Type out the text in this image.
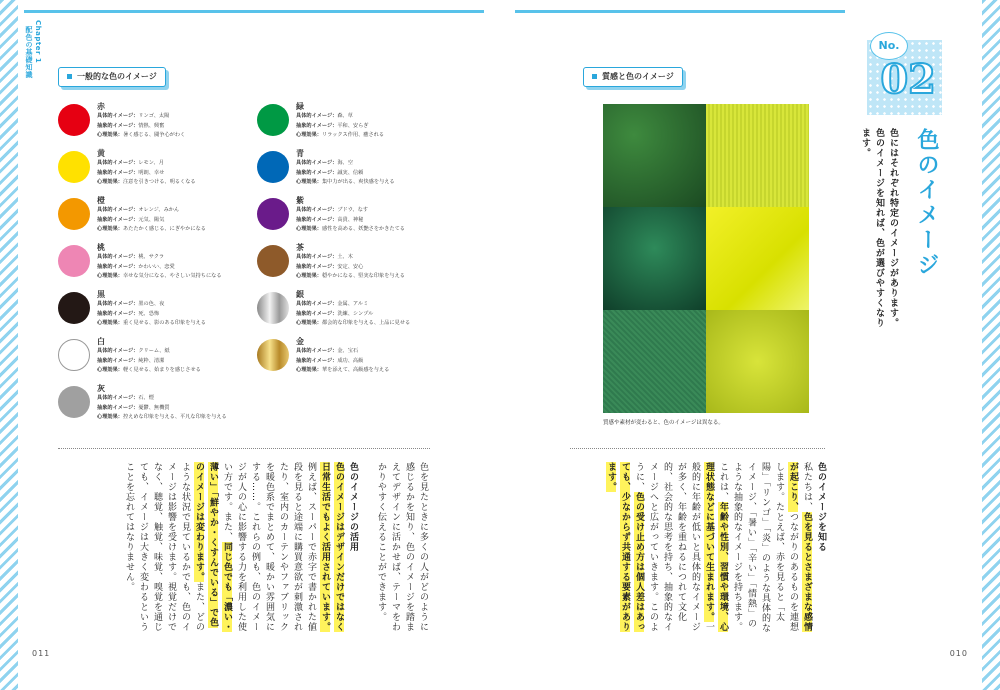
Chapter 1
配色の基礎知識	一般的な色のイメージ
赤
具体的イメージ：リンゴ、太陽
抽象的イメージ：情熱、興奮
心理効果：暑く感じる、闘争心がわく
黄
具体的イメージ：レモン、月
抽象的イメージ：明朗、幸せ
心理効果：注意を引きつける、明るくなる
橙
具体的イメージ：オレンジ、みかん
抽象的イメージ：元気、陽気
心理効果：あたたかく感じる、にぎやかになる
桃
具体的イメージ：桃、サクラ
抽象的イメージ：かわいい、恋愛
心理効果：幸せな気分になる、やさしい気持ちになる
黒
具体的イメージ：墨の色、夜
抽象的イメージ：死、恐怖
心理効果：重く見せる、影のある印象を与える
白
具体的イメージ：クリーム、紙
抽象的イメージ：純粋、清潔
心理効果：軽く見せる、始まりを感じさせる
灰
具体的イメージ：石、煙
抽象的イメージ：憂鬱、無機質
心理効果：控えめな印象を与える、平凡な印象を与える
緑
具体的イメージ：森、草
抽象的イメージ：平和、安らぎ
心理効果：リラックス作用、癒される
青
具体的イメージ：海、空
抽象的イメージ：誠実、信頼
心理効果：集中力が出る、爽快感を与える
紫
具体的イメージ：ブドウ、なす
抽象的イメージ：高貴、神秘
心理効果：感性を高める、妖艶さをかきたてる
茶
具体的イメージ：土、木
抽象的イメージ：安定、安心
心理効果：穏やかになる、堅実な印象を与える
銀
具体的イメージ：金属、アルミ
抽象的イメージ：洗練、シンプル
心理効果：都会的な印象を与える、上品に見せる
金
具体的イメージ：金、宝石
抽象的イメージ：成功、高級
心理効果：華を添えて、高級感を与える
質感と色のイメージ
質感や素材が変わると、色のイメージは異なる。
No.
02
色のイメージ
色にはそれぞれ特定のイメージがあります。
色のイメージを知れば、色が選びやすくなります。
色を見たときに多くの人がどのように感じるかを知り、色のイメージを踏まえてデザインに活かせば、テーマをわかりやすく伝えることができます。

色のイメージの活用
色のイメージはデザインだけではなく日常生活でもよく活用されています。例えば、スーパーで赤字で書かれた値段を見ると途端に購買意欲が刺激されたり、室内のカーテンやファブリックを暖色系でまとめて、暖かい雰囲気にする……。これらの例も、色のイメージが人の心に影響する力を利用した使い方です。また、同じ色でも「濃い・薄い」「鮮やか・くすんでいる」で色のイメージは変わります。また、どのような状況で見ているかでも、色のイメージは影響を受けます。視覚だけでなく、聴覚、触覚、味覚、嗅覚を通じても、イメージは大きく変わるということを忘れてはなりません。	色のイメージを知る
私たちは、色を見るとさまざまな感情が起こり、つながりのあるものを連想します。たとえば、赤を見ると「太陽」「リンゴ」「炎」のような具体的なイメージ、「暑い」「辛い」「情熱」のような抽象的なイメージを持ちます。これは、年齢や性別、習慣や環境、心理状態などに基づいて生まれます。一般的に年齢が低いと具体的なイメージが多く、年齢を重ねるにつれて文化的、社会的な思考を持ち、抽象的なイメージへと広がっていきます。このように、色の受け止め方は個人差はあっても、少なからず共通する要素があります。
011	010
